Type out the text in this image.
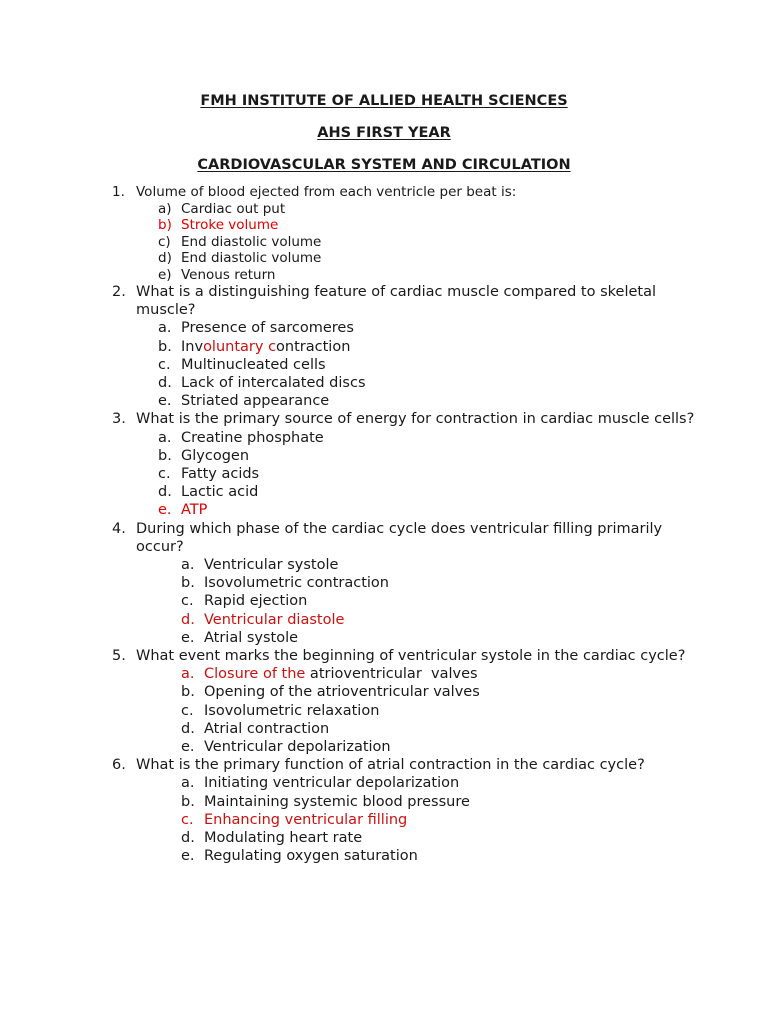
FMH INSTITUTE OF ALLIED HEALTH SCIENCES
AHS FIRST YEAR
CARDIOVASCULAR SYSTEM AND CIRCULATION
1. Volume of blood ejected from each ventricle per beat is:
a) Cardiac out put
b) Stroke volume
c) End diastolic volume
d) End diastolic volume
e) Venous return
2. What is a distinguishing feature of cardiac muscle compared to skeletal muscle?
a. Presence of sarcomeres
b. Involuntary contraction
c. Multinucleated cells
d. Lack of intercalated discs
e. Striated appearance
3. What is the primary source of energy for contraction in cardiac muscle cells?
a. Creatine phosphate
b. Glycogen
c. Fatty acids
d. Lactic acid
e. ATP
4. During which phase of the cardiac cycle does ventricular filling primarily occur?
a. Ventricular systole
b. Isovolumetric contraction
c. Rapid ejection
d. Ventricular diastole
e. Atrial systole
5. What event marks the beginning of ventricular systole in the cardiac cycle?
a. Closure of the atrioventricular  valves
b. Opening of the atrioventricular valves
c. Isovolumetric relaxation
d. Atrial contraction
e. Ventricular depolarization
6. What is the primary function of atrial contraction in the cardiac cycle?
a. Initiating ventricular depolarization
b. Maintaining systemic blood pressure
c. Enhancing ventricular filling
d. Modulating heart rate
e. Regulating oxygen saturation
